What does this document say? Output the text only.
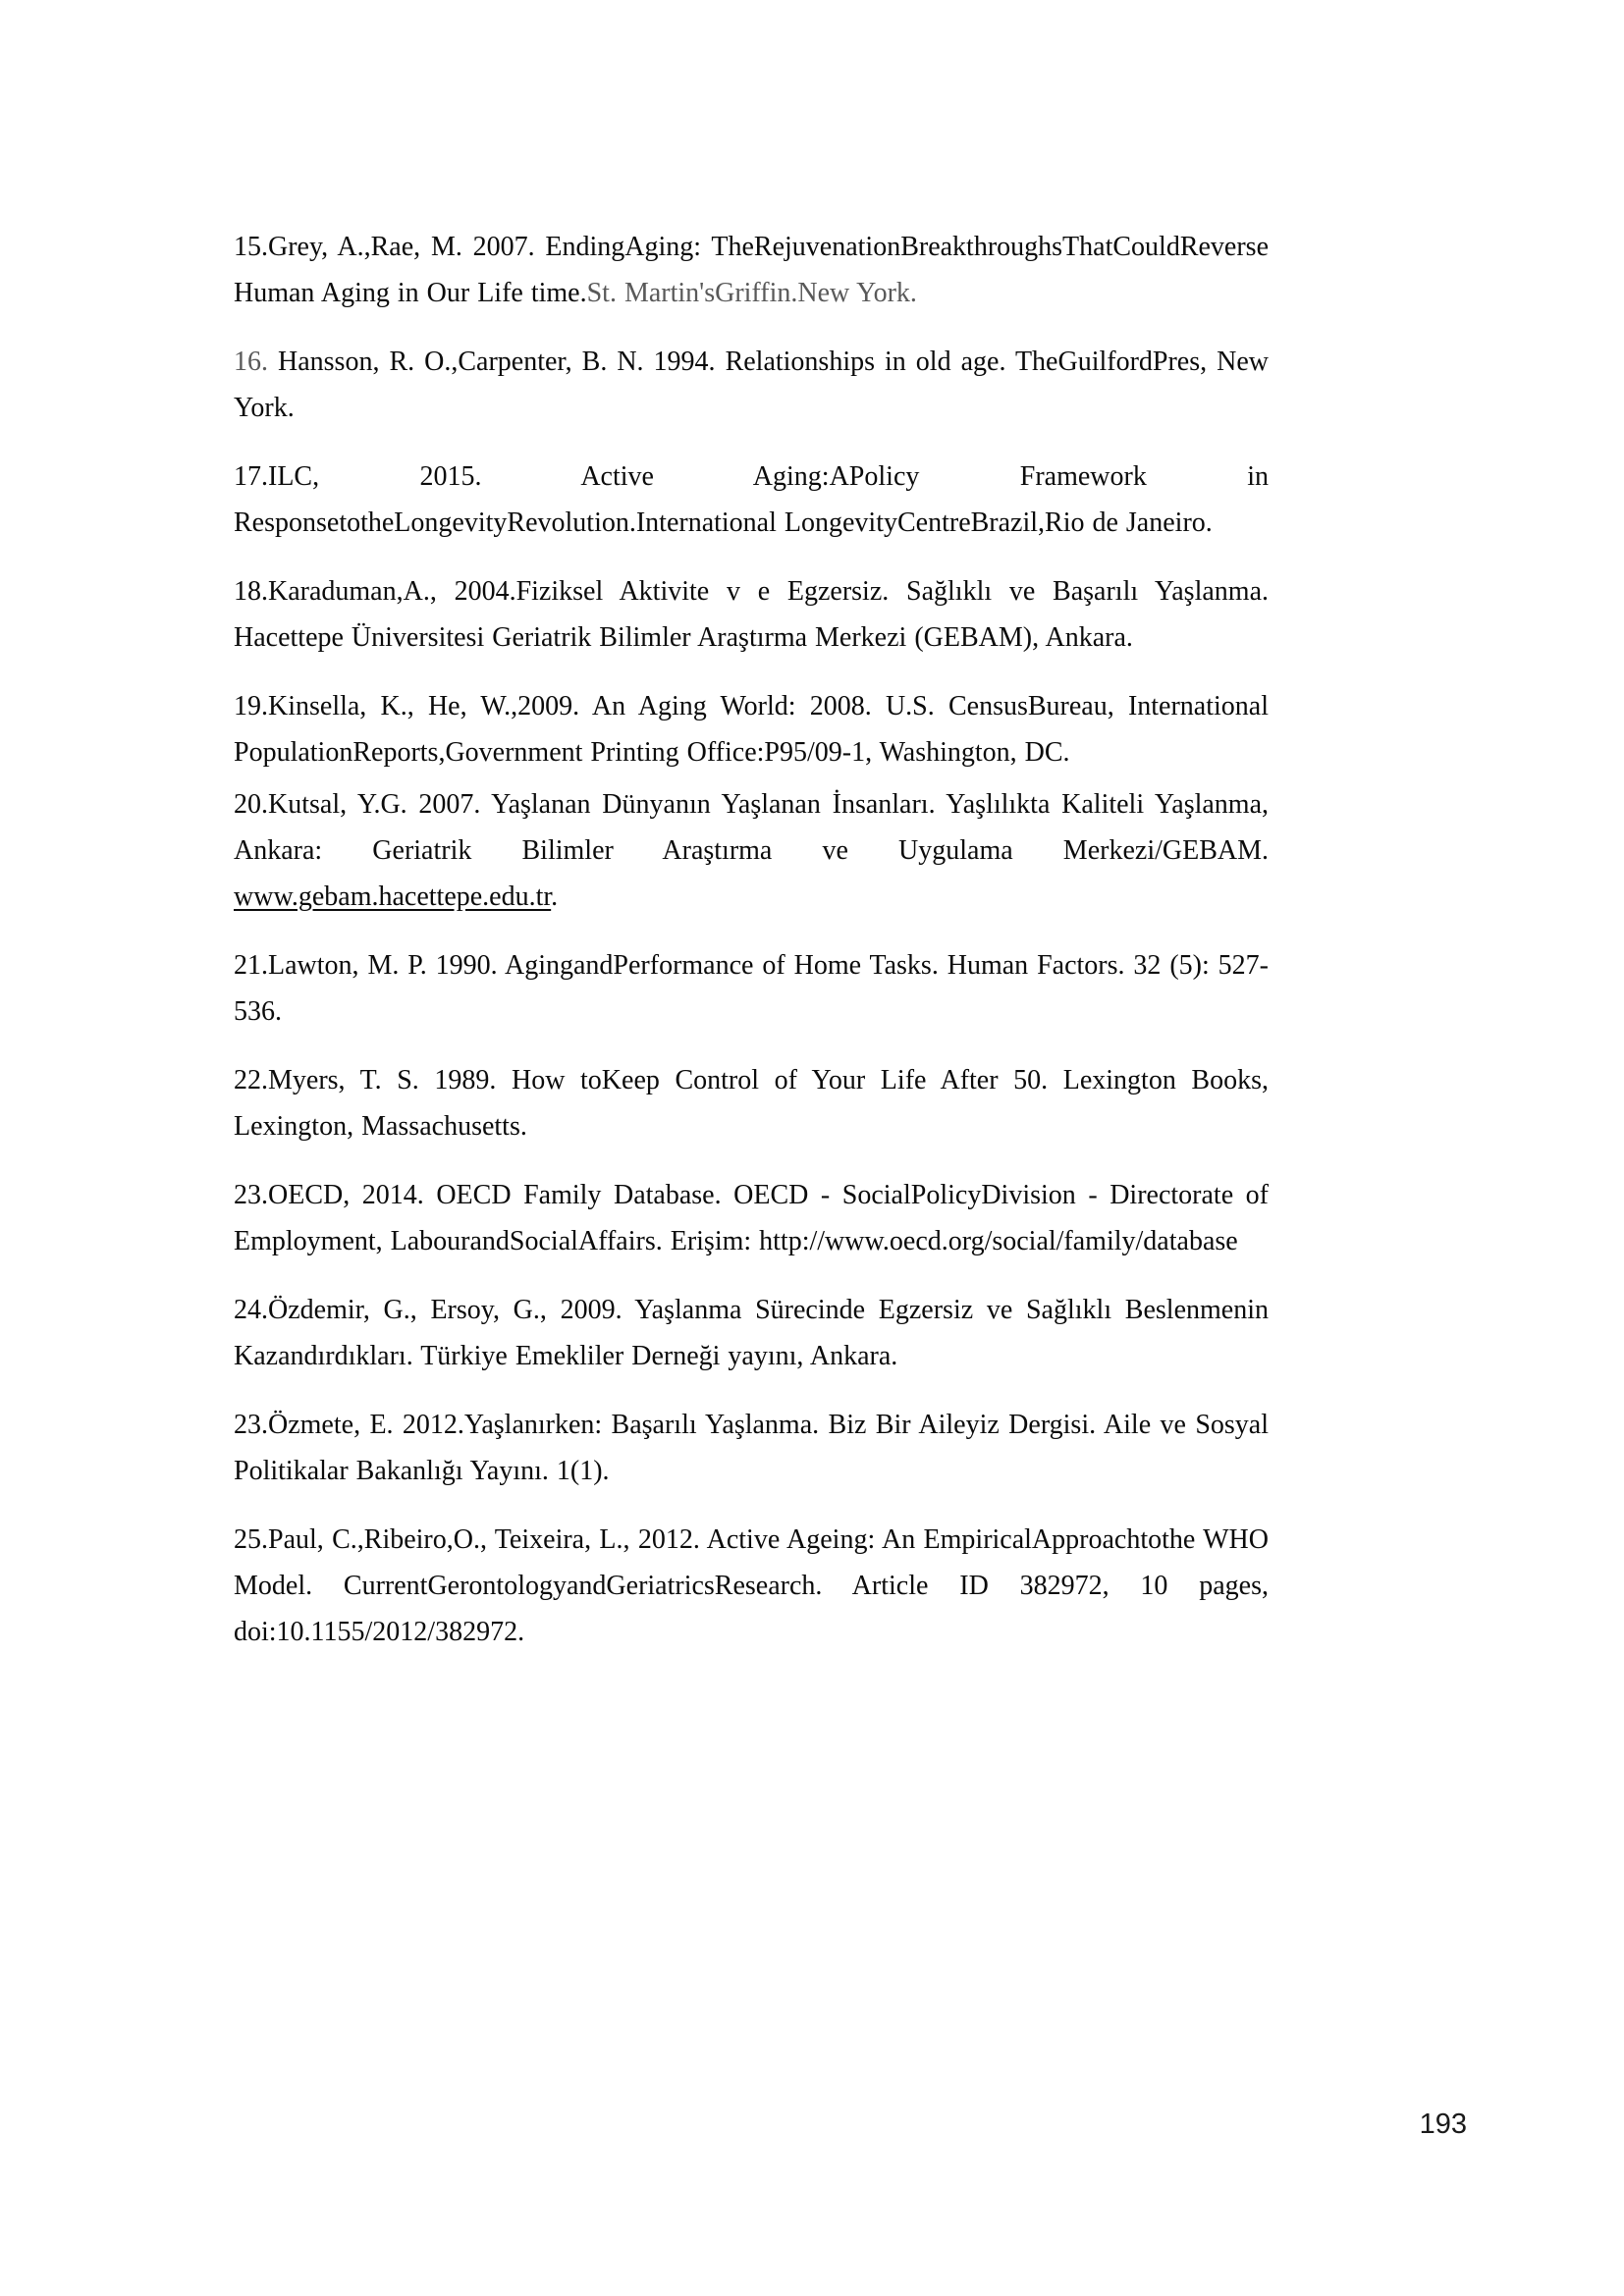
15.Grey, A.,Rae, M. 2007. EndingAging: TheRejuvenationBreakthroughsThatCouldReverse Human Aging in Our Life time.St. Martin'sGriffin.New York.

16. Hansson, R. O.,Carpenter, B. N. 1994. Relationships in old age. TheGuilfordPres, New York.

17.ILC, 2015. Active Aging:APolicy Framework in ResponsetotheLongevityRevolution.International LongevityCentreBrazil,Rio de Janeiro.

18.Karaduman,A., 2004.Fiziksel Aktivite v e Egzersiz. Sağlıklı ve Başarılı Yaşlanma. Hacettepe Üniversitesi Geriatrik Bilimler Araştırma Merkezi (GEBAM), Ankara.

19.Kinsella, K., He, W.,2009. An Aging World: 2008. U.S. CensusBureau, International PopulationReports,Government Printing Office:P95/09-1, Washington, DC.

20.Kutsal, Y.G. 2007. Yaşlanan Dünyanın Yaşlanan İnsanları. Yaşlılıkta Kaliteli Yaşlanma, Ankara: Geriatrik Bilimler Araştırma ve Uygulama Merkezi/GEBAM. www.gebam.hacettepe.edu.tr.

21.Lawton, M. P. 1990. AgingandPerformance of Home Tasks. Human Factors. 32 (5): 527-536.

22.Myers, T. S. 1989. How toKeep Control of Your Life After 50. Lexington Books, Lexington, Massachusetts.

23.OECD, 2014. OECD Family Database. OECD - SocialPolicyDivision - Directorate of Employment, LabourandSocialAffairs. Erişim: http://www.oecd.org/social/family/database

24.Özdemir, G., Ersoy, G., 2009. Yaşlanma Sürecinde Egzersiz ve Sağlıklı Beslenmenin Kazandırdıkları. Türkiye Emekliler Derneği yayını, Ankara.

23.Özmete, E. 2012.Yaşlanırken: Başarılı Yaşlanma. Biz Bir Aileyiz Dergisi. Aile ve Sosyal Politikalar Bakanlığı Yayını. 1(1).

25.Paul, C.,Ribeiro,O., Teixeira, L., 2012. Active Ageing: An EmpiricalApproachtothe WHO Model. CurrentGerontologyandGeriatricsResearch. Article ID 382972, 10 pages, doi:10.1155/2012/382972.

193
